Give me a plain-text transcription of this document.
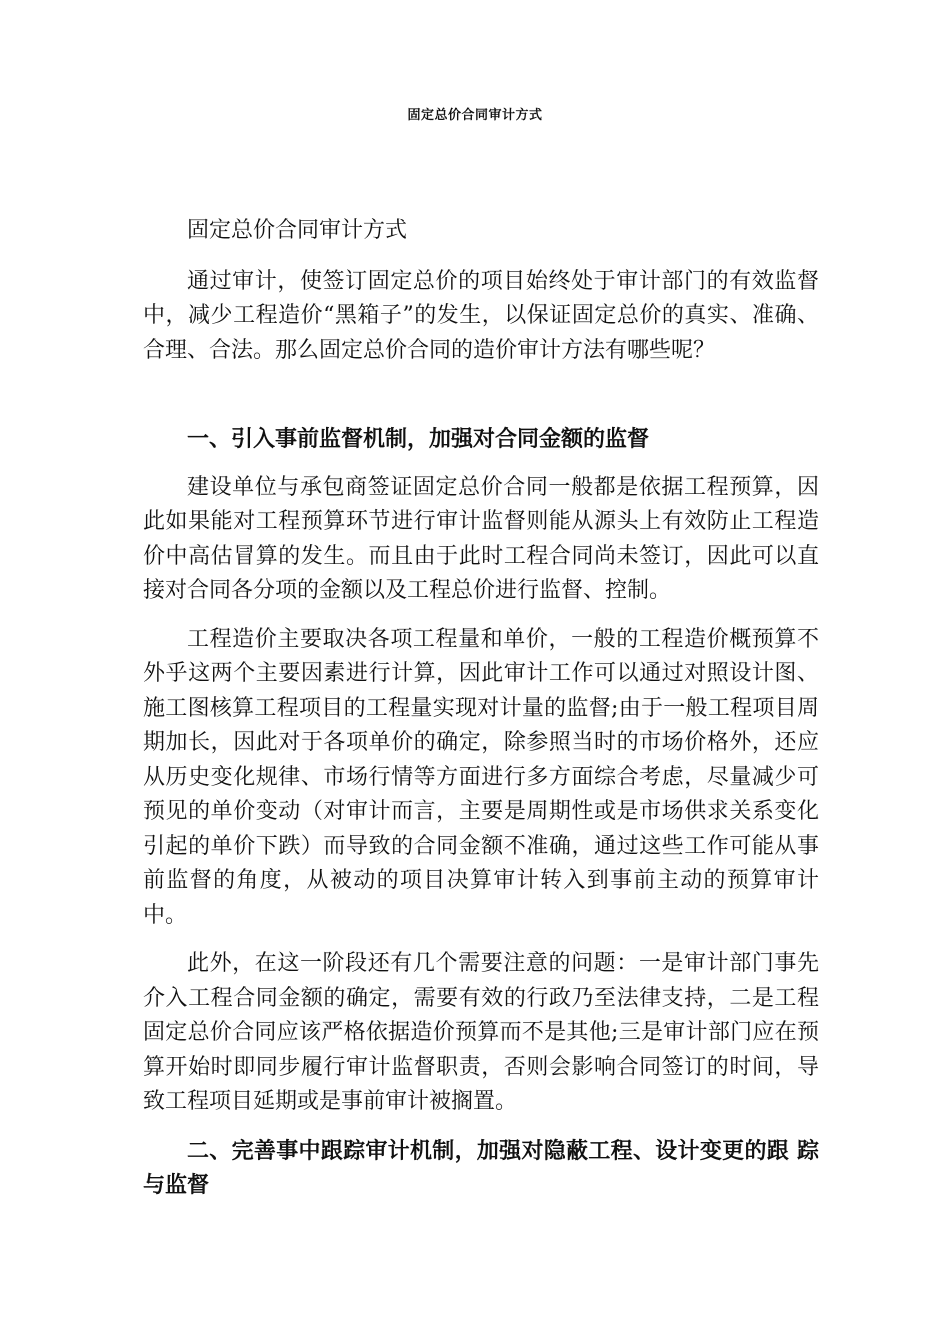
固定总价合同审计方式

固定总价合同审计方式

通过审计，使签订固定总价的项目始终处于审计部门的有效监督中，减少工程造价“黑箱子”的发生，以保证固定总价的真实、准确、合理、合法。那么固定总价合同的造价审计方法有哪些呢？

一、引入事前监督机制，加强对合同金额的监督

建设单位与承包商签证固定总价合同一般都是依据工程预算，因此如果能对工程预算环节进行审计监督则能从源头上有效防止工程造价中高估冒算的发生。而且由于此时工程合同尚未签订，因此可以直接对合同各分项的金额以及工程总价进行监督、控制。

工程造价主要取决各项工程量和单价，一般的工程造价概预算不外乎这两个主要因素进行计算，因此审计工作可以通过对照设计图、施工图核算工程项目的工程量实现对计量的监督;由于一般工程项目周期加长，因此对于各项单价的确定，除参照当时的市场价格外，还应从历史变化规律、市场行情等方面进行多方面综合考虑，尽量减少可预见的单价变动（对审计而言，主要是周期性或是市场供求关系变化引起的单价下跌）而导致的合同金额不准确，通过这些工作可能从事前监督的角度，从被动的项目决算审计转入到事前主动的预算审计中。

此外，在这一阶段还有几个需要注意的问题：一是审计部门事先介入工程合同金额的确定，需要有效的行政乃至法律支持，二是工程固定总价合同应该严格依据造价预算而不是其他;三是审计部门应在预算开始时即同步履行审计监督职责，否则会影响合同签订的时间，导致工程项目延期或是事前审计被搁置。

二、完善事中跟踪审计机制，加强对隐蔽工程、设计变更的跟 踪与监督
